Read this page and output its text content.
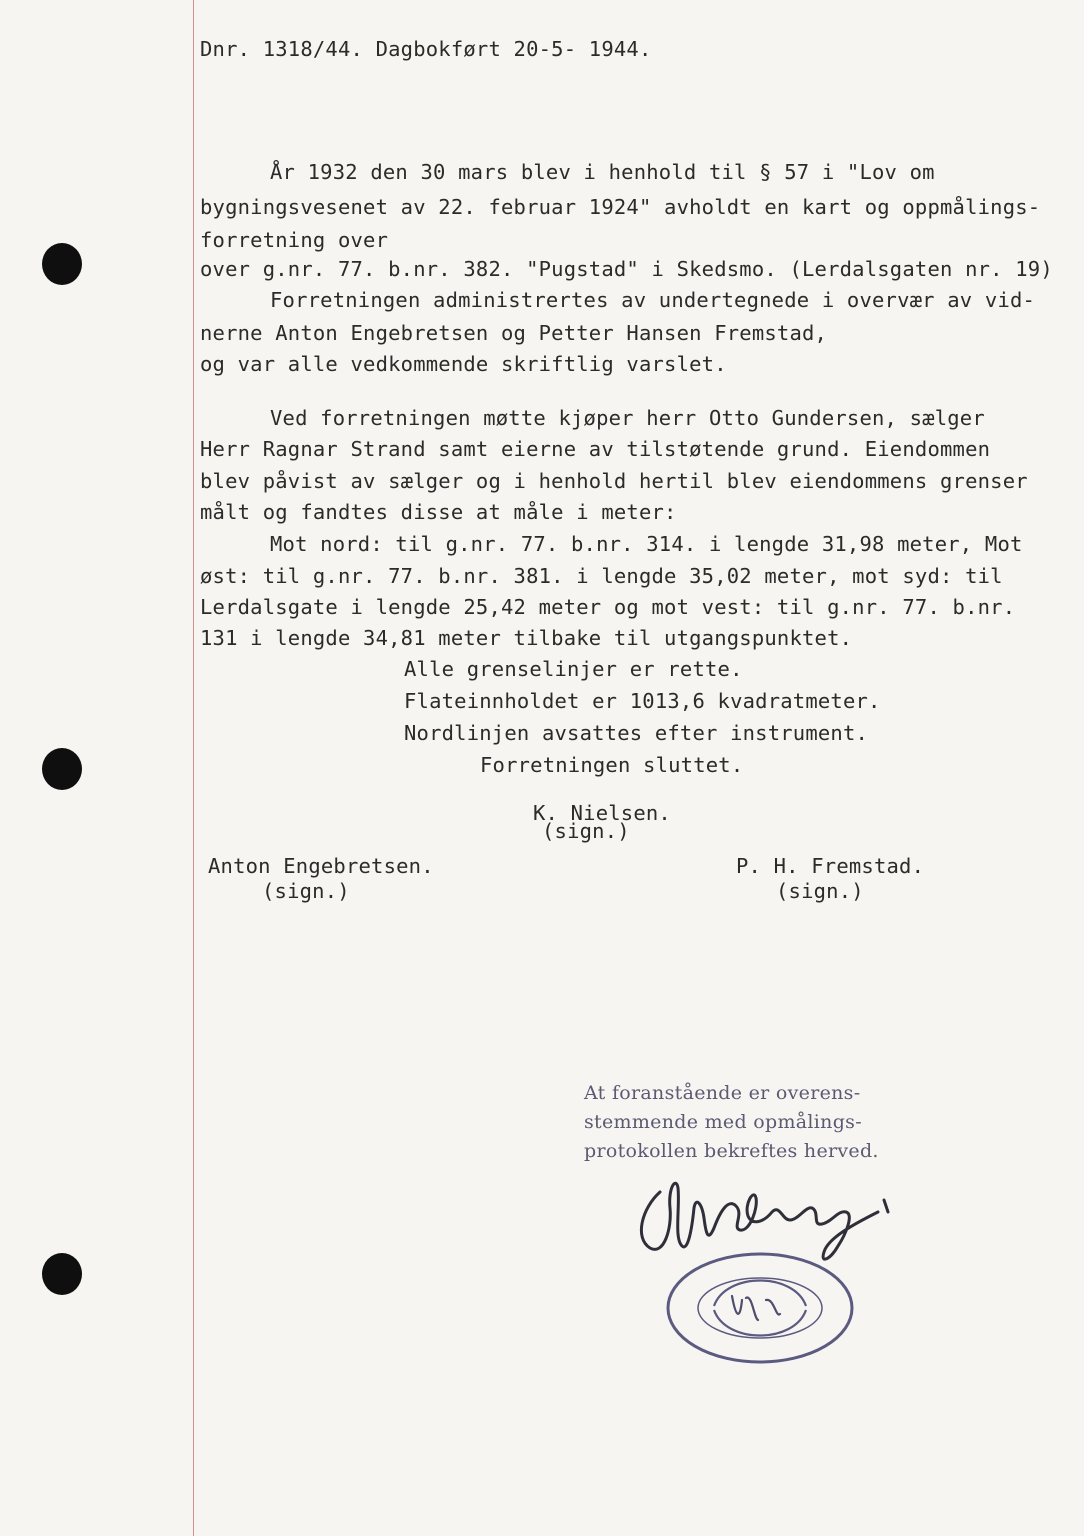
Dnr. 1318/44. Dagbokført 20-5- 1944.
År 1932 den 30 mars blev i henhold til § 57 i "Lov om
bygningsvesenet av 22. februar 1924" avholdt en kart og oppmålings-
forretning over
over g.nr. 77. b.nr. 382. "Pugstad" i Skedsmo. (Lerdalsgaten nr. 19)
Forretningen administrertes av undertegnede i overvær av vid-
nerne Anton Engebretsen og Petter Hansen Fremstad,
og var alle vedkommende skriftlig varslet.
Ved forretningen møtte kjøper herr Otto Gundersen, sælger
Herr Ragnar Strand samt eierne av tilstøtende grund. Eiendommen
blev påvist av sælger og i henhold hertil blev eiendommens grenser
målt og fandtes disse at måle i meter:
Mot nord: til g.nr. 77. b.nr. 314. i lengde 31,98 meter, Mot
øst: til g.nr. 77. b.nr. 381. i lengde 35,02 meter, mot syd: til
Lerdalsgate i lengde 25,42 meter og mot vest: til g.nr. 77. b.nr.
131 i lengde 34,81 meter tilbake til utgangspunktet.
Alle grenselinjer er rette.
Flateinnholdet er 1013,6 kvadratmeter.
Nordlinjen avsattes efter instrument.
Forretningen sluttet.
K. Nielsen.
(sign.)
Anton Engebretsen.
(sign.)
P. H. Fremstad.
(sign.)
At foranstående er overens-
stemmende med opmålings-
protokollen bekreftes herved.
